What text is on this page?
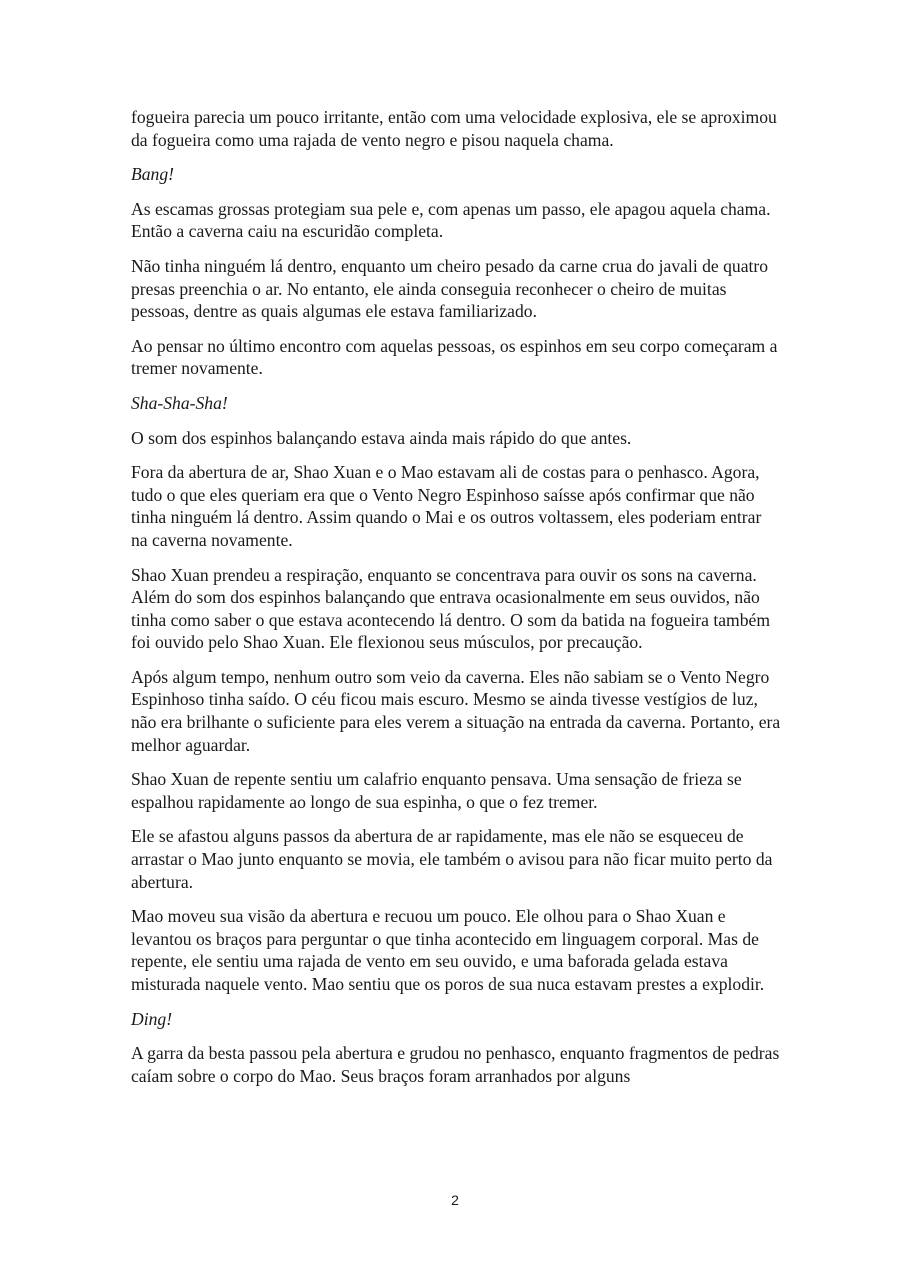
fogueira parecia um pouco irritante, então com uma velocidade explosiva, ele se aproximou da fogueira como uma rajada de vento negro e pisou naquela chama.

Bang!

As escamas grossas protegiam sua pele e, com apenas um passo, ele apagou aquela chama. Então a caverna caiu na escuridão completa.

Não tinha ninguém lá dentro, enquanto um cheiro pesado da carne crua do javali de quatro presas preenchia o ar. No entanto, ele ainda conseguia reconhecer o cheiro de muitas pessoas, dentre as quais algumas ele estava familiarizado.

Ao pensar no último encontro com aquelas pessoas, os espinhos em seu corpo começaram a tremer novamente.

Sha-Sha-Sha!

O som dos espinhos balançando estava ainda mais rápido do que antes.

Fora da abertura de ar, Shao Xuan e o Mao estavam ali de costas para o penhasco. Agora, tudo o que eles queriam era que o Vento Negro Espinhoso saísse após confirmar que não tinha ninguém lá dentro. Assim quando o Mai e os outros voltassem, eles poderiam entrar na caverna novamente.

Shao Xuan prendeu a respiração, enquanto se concentrava para ouvir os sons na caverna. Além do som dos espinhos balançando que entrava ocasionalmente em seus ouvidos, não tinha como saber o que estava acontecendo lá dentro. O som da batida na fogueira também foi ouvido pelo Shao Xuan. Ele flexionou seus músculos, por precaução.

Após algum tempo, nenhum outro som veio da caverna. Eles não sabiam se o Vento Negro Espinhoso tinha saído. O céu ficou mais escuro. Mesmo se ainda tivesse vestígios de luz, não era brilhante o suficiente para eles verem a situação na entrada da caverna. Portanto, era melhor aguardar.

Shao Xuan de repente sentiu um calafrio enquanto pensava. Uma sensação de frieza se espalhou rapidamente ao longo de sua espinha, o que o fez tremer.

Ele se afastou alguns passos da abertura de ar rapidamente, mas ele não se esqueceu de arrastar o Mao junto enquanto se movia, ele também o avisou para não ficar muito perto da abertura.

Mao moveu sua visão da abertura e recuou um pouco. Ele olhou para o Shao Xuan e levantou os braços para perguntar o que tinha acontecido em linguagem corporal. Mas de repente, ele sentiu uma rajada de vento em seu ouvido, e uma baforada gelada estava misturada naquele vento. Mao sentiu que os poros de sua nuca estavam prestes a explodir.

Ding!

A garra da besta passou pela abertura e grudou no penhasco, enquanto fragmentos de pedras caíam sobre o corpo do Mao. Seus braços foram arranhados por alguns

2
